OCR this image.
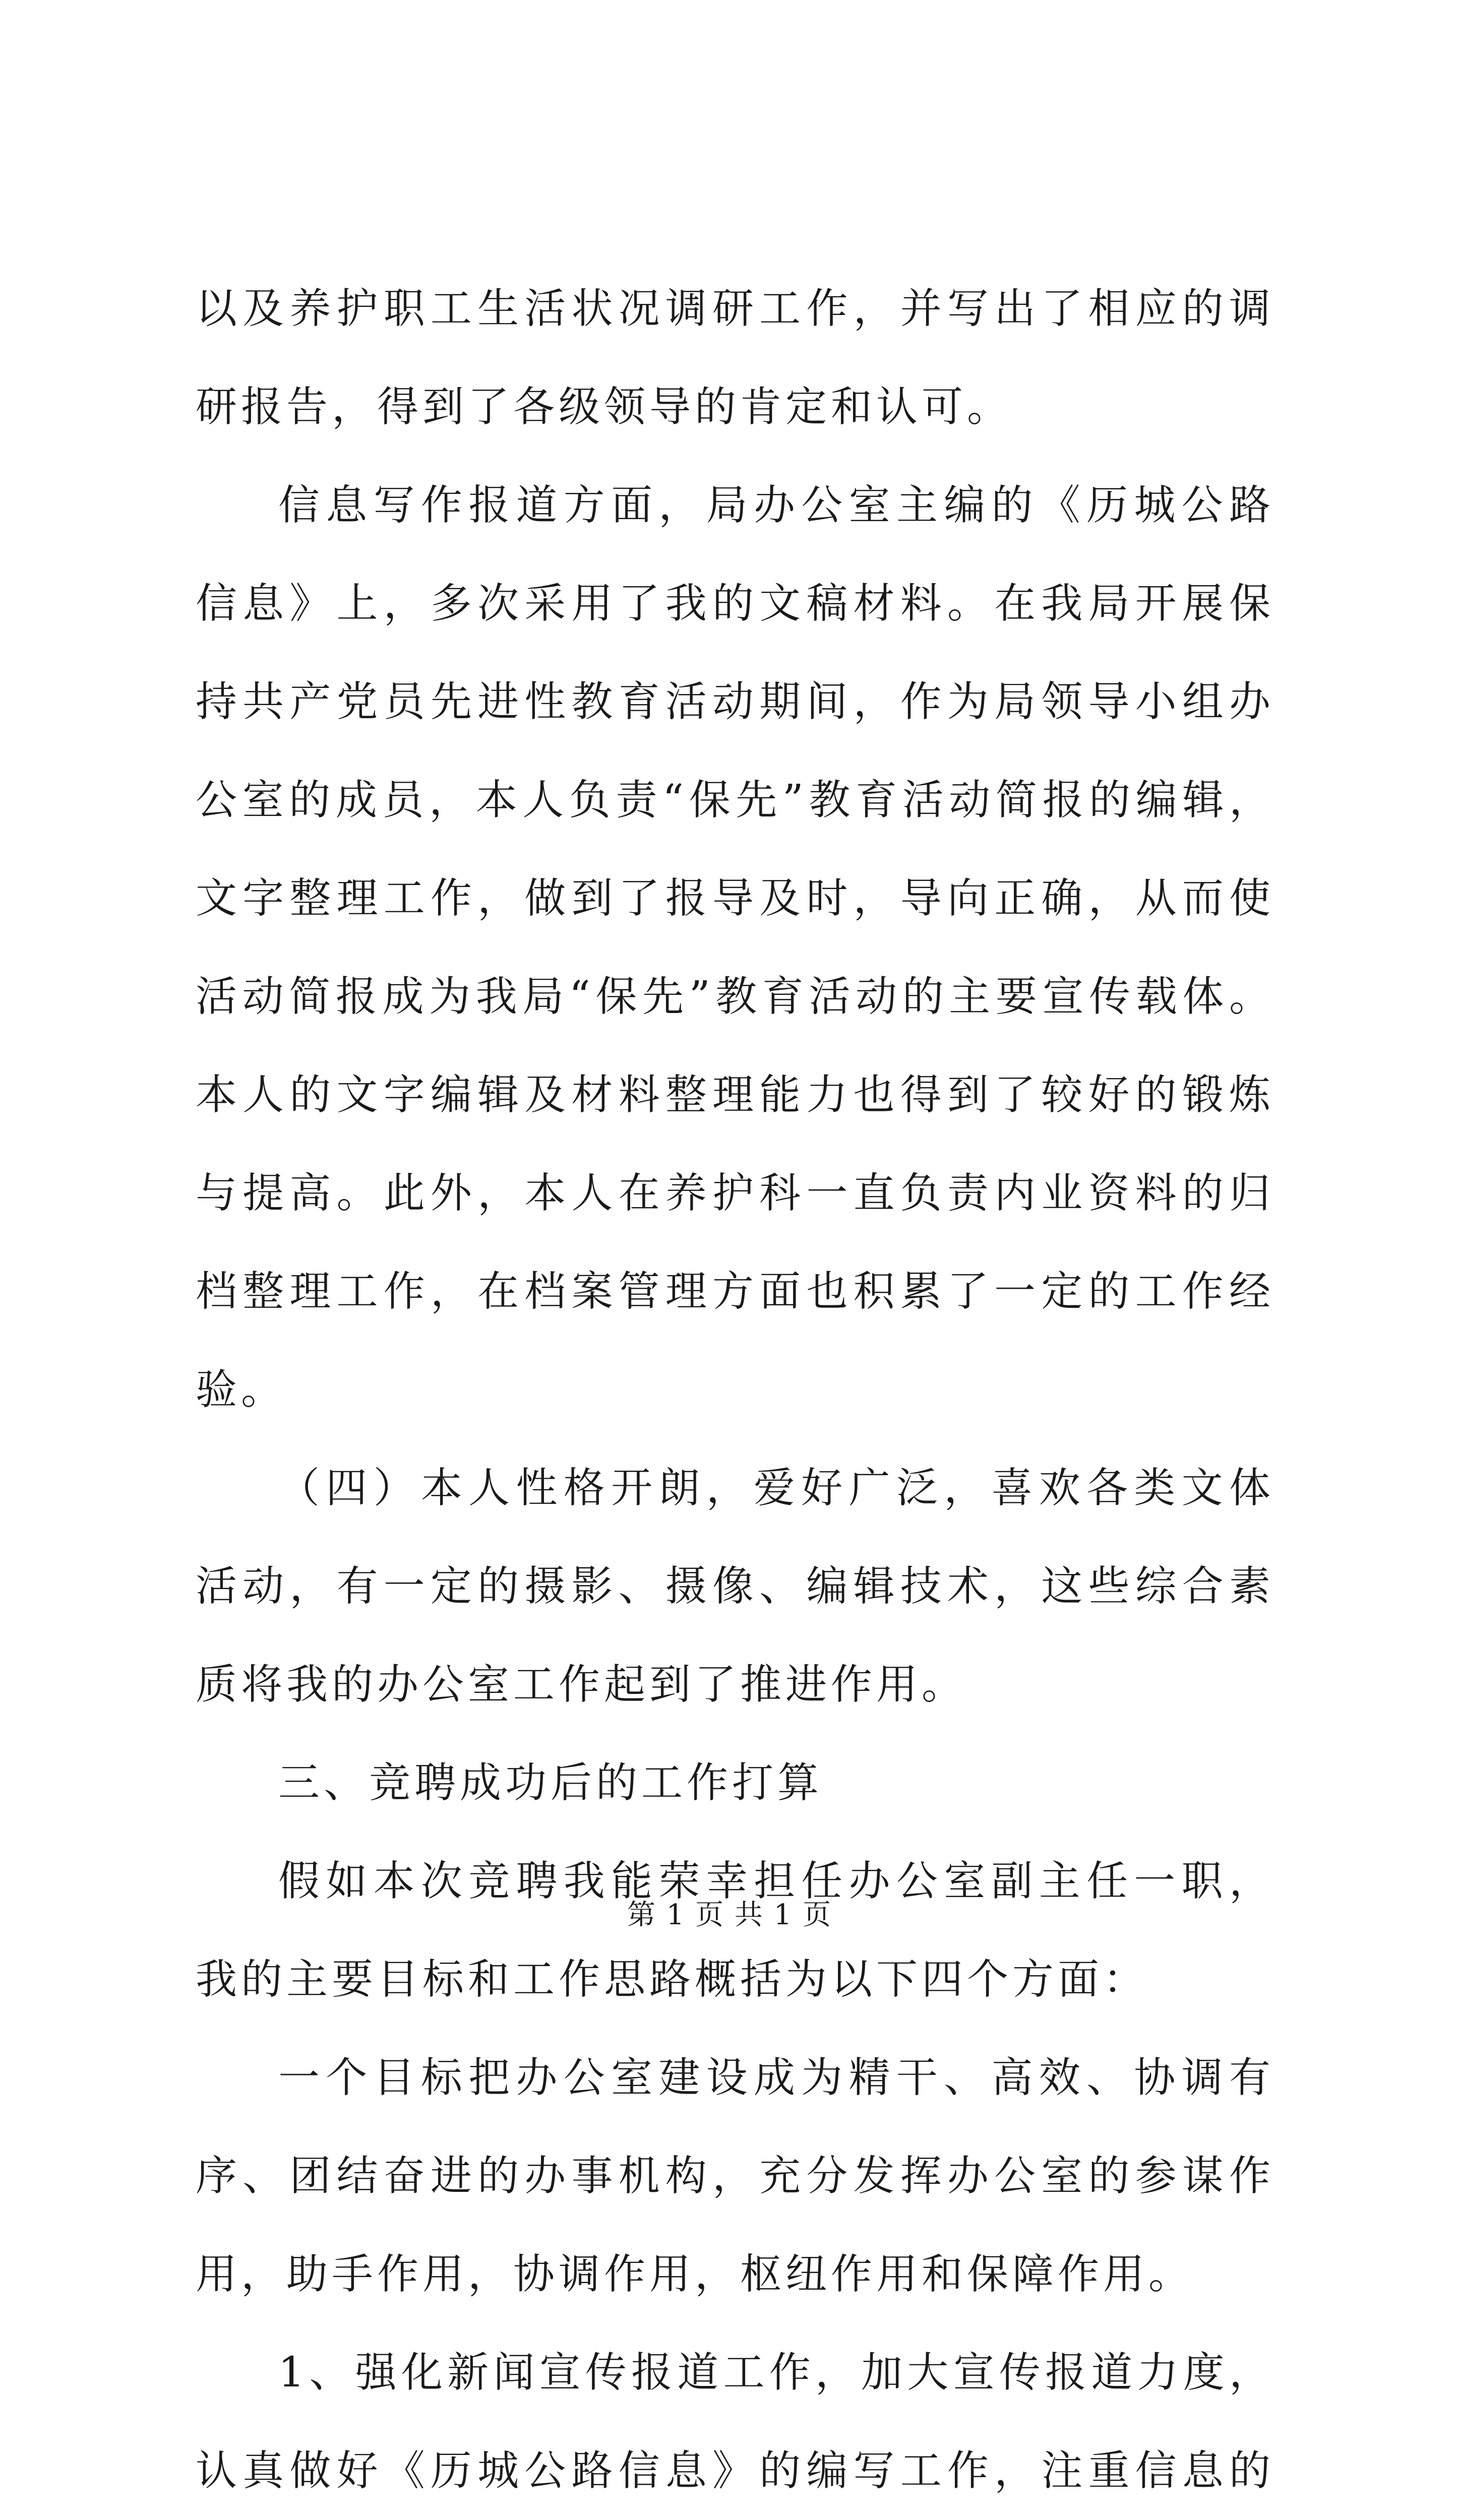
以及养护职工生活状况调研工作，并写出了相应的调研报告，得到了各级领导的肯定和认可。

信息写作报道方面，局办公室主编的《历城公路信息》上，多次采用了我的文稿材料。在我局开展保持共产党员先进性教育活动期间，作为局领导小组办公室的成员，本人负责“保先”教育活动简报的编辑，文字整理工作，做到了报导及时，导向正确，从而使活动简报成为我局“保先”教育活动的主要宣传载体。本人的文字编辑及材料整理能力也得到了较好的锻炼与提高。此外，本人在养护科一直负责内业资料的归档整理工作，在档案管理方面也积累了一定的工作经验。

（四）本人性格开朗，爱好广泛，喜欢各类文体活动，有一定的摄影、摄像、编辑技术，这些综合素质将我的办公室工作起到了推进作用。

三、竞聘成功后的工作打算

假如本次竞聘我能荣幸担任办公室副主任一职，我的主要目标和工作思路概括为以下四个方面：

一个目标把办公室建设成为精干、高效、协调有序、团结奋进的办事机构，充分发挥办公室的参谋作用，助手作用，协调作用，枢纽作用和保障作用。

1、强化新闻宣传报道工作，加大宣传报道力度，认真做好《历城公路信息》的编写工作，注重信息的

第 1 页 共 1 页
